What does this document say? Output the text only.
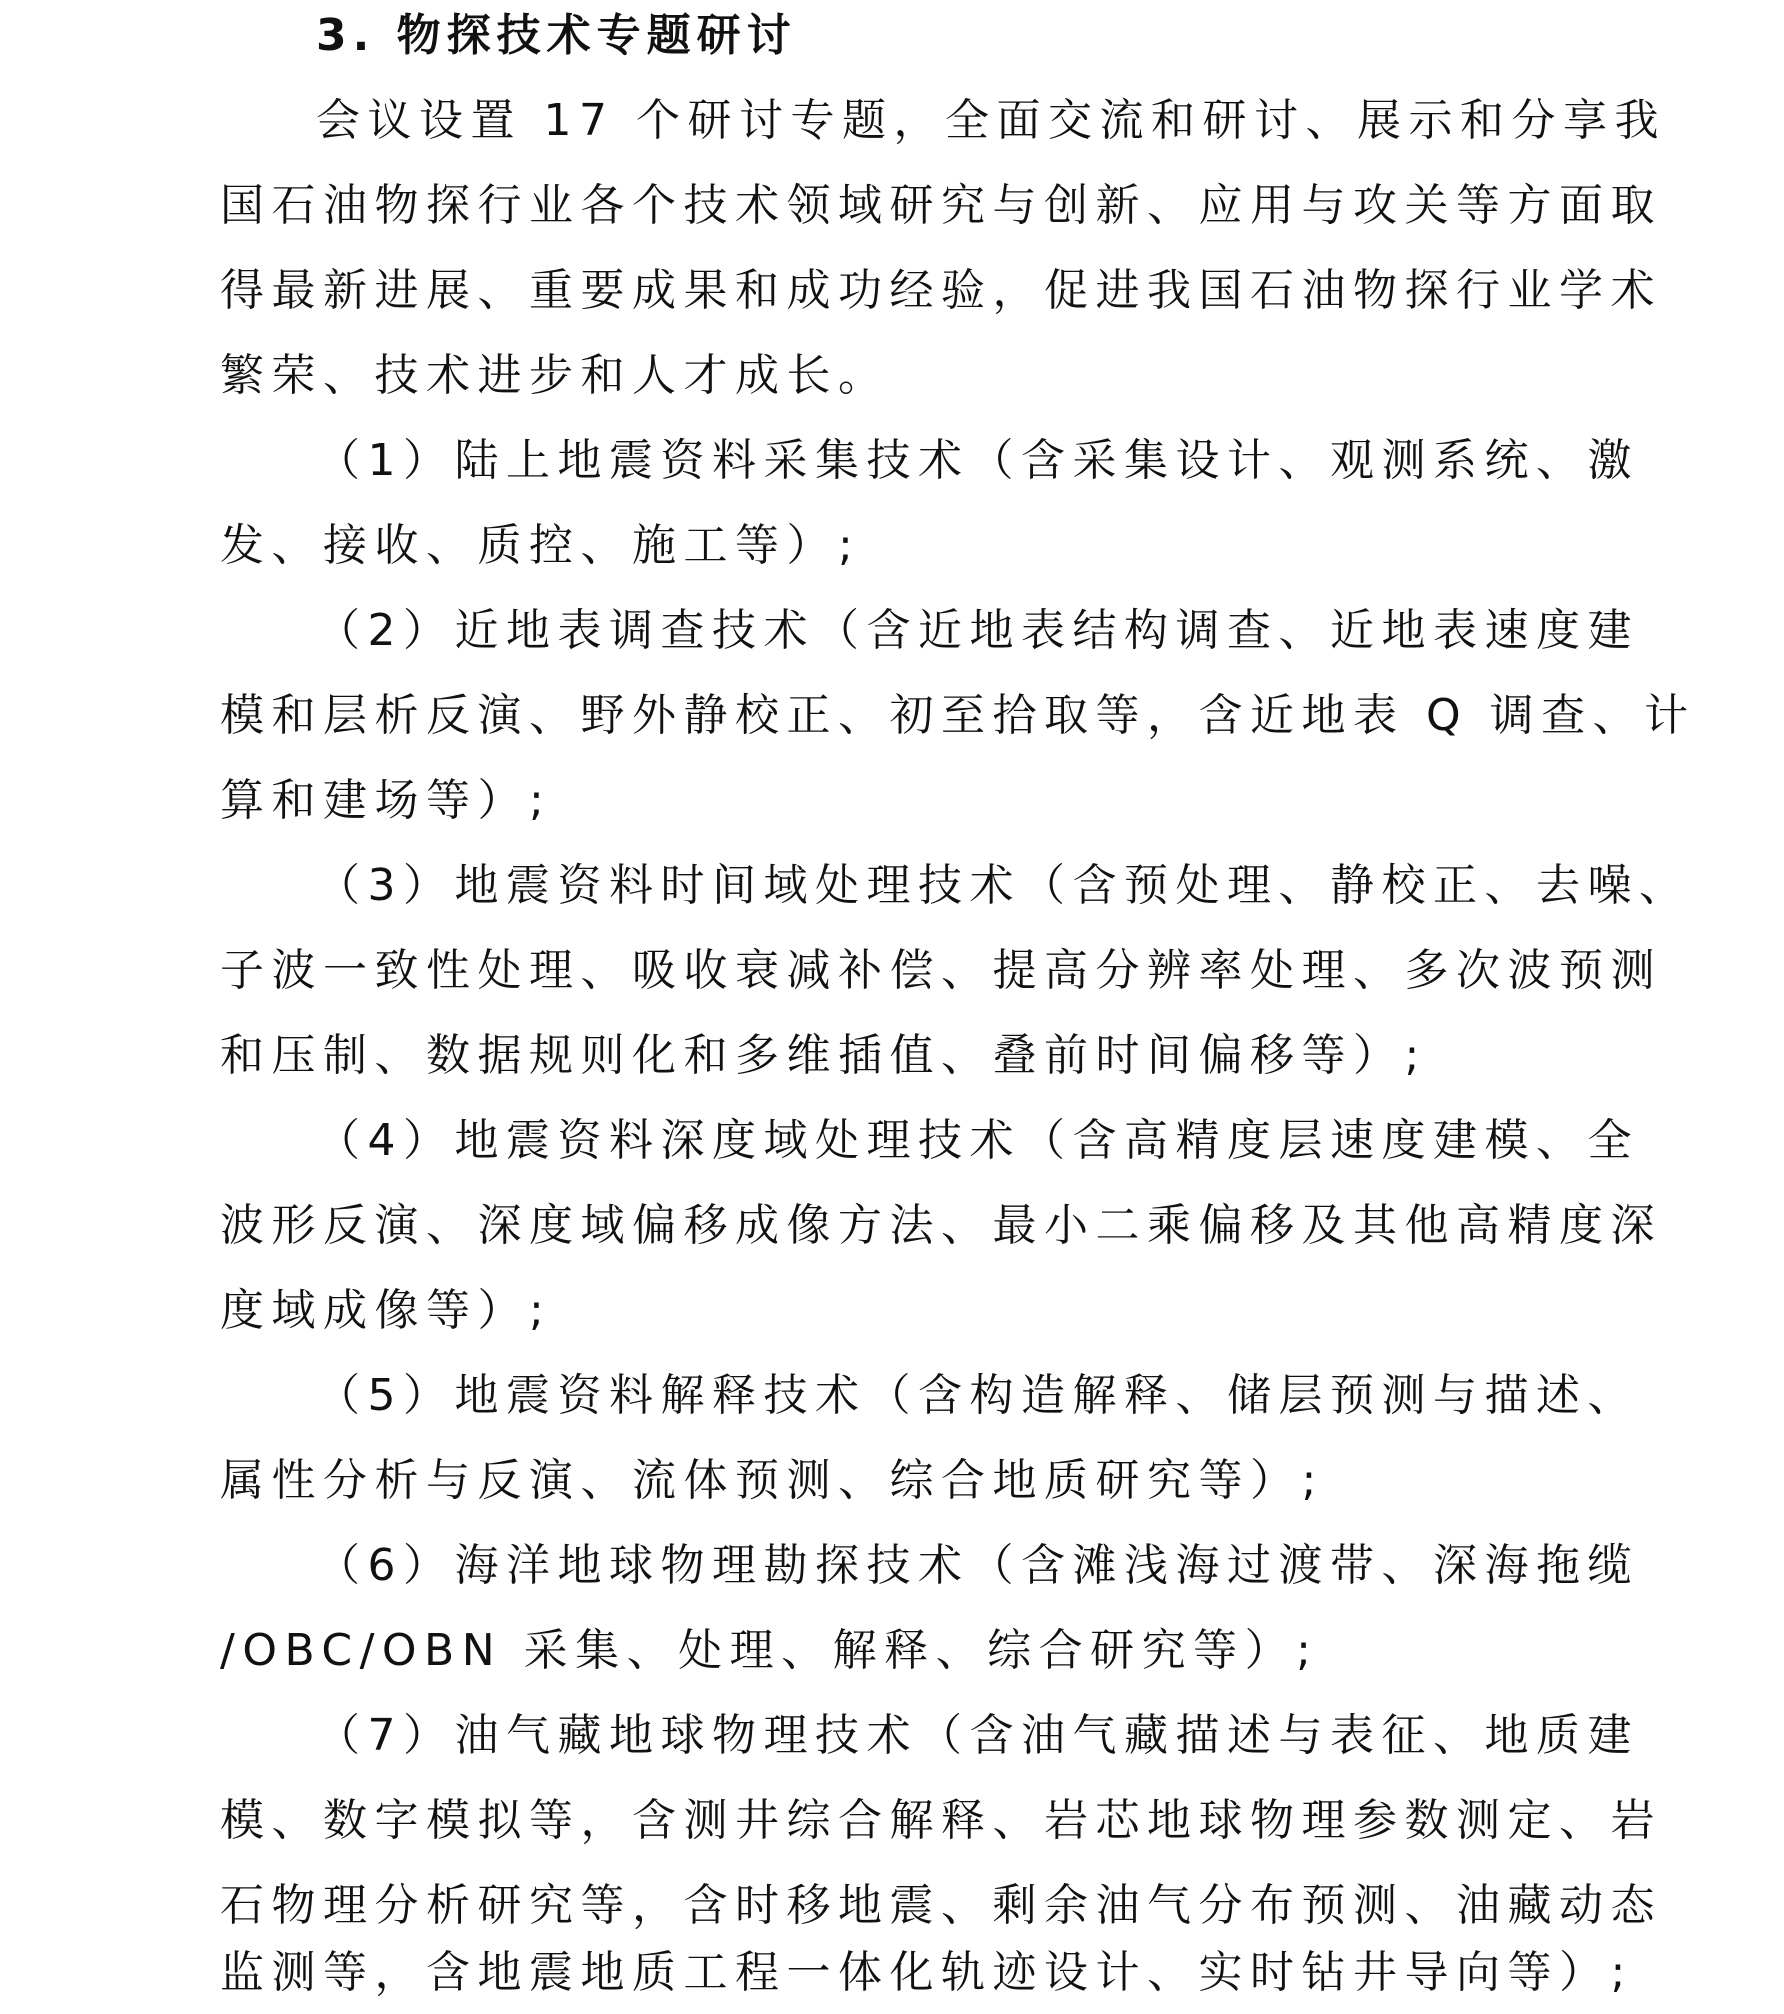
3. 物探技术专题研讨
会议设置 17 个研讨专题，全面交流和研讨、展示和分享我
国石油物探行业各个技术领域研究与创新、应用与攻关等方面取
得最新进展、重要成果和成功经验，促进我国石油物探行业学术
繁荣、技术进步和人才成长。
（1）陆上地震资料采集技术（含采集设计、观测系统、激
发、接收、质控、施工等）;
（2）近地表调查技术（含近地表结构调查、近地表速度建
模和层析反演、野外静校正、初至拾取等，含近地表 Q 调查、计
算和建场等）;
（3）地震资料时间域处理技术（含预处理、静校正、去噪、
子波一致性处理、吸收衰减补偿、提高分辨率处理、多次波预测
和压制、数据规则化和多维插值、叠前时间偏移等）;
（4）地震资料深度域处理技术（含高精度层速度建模、全
波形反演、深度域偏移成像方法、最小二乘偏移及其他高精度深
度域成像等）;
（5）地震资料解释技术（含构造解释、储层预测与描述、
属性分析与反演、流体预测、综合地质研究等）;
（6）海洋地球物理勘探技术（含滩浅海过渡带、深海拖缆
/OBC/OBN 采集、处理、解释、综合研究等）;
（7）油气藏地球物理技术（含油气藏描述与表征、地质建
模、数字模拟等，含测井综合解释、岩芯地球物理参数测定、岩
石物理分析研究等，含时移地震、剩余油气分布预测、油藏动态
监测等，含地震地质工程一体化轨迹设计、实时钻井导向等）;
